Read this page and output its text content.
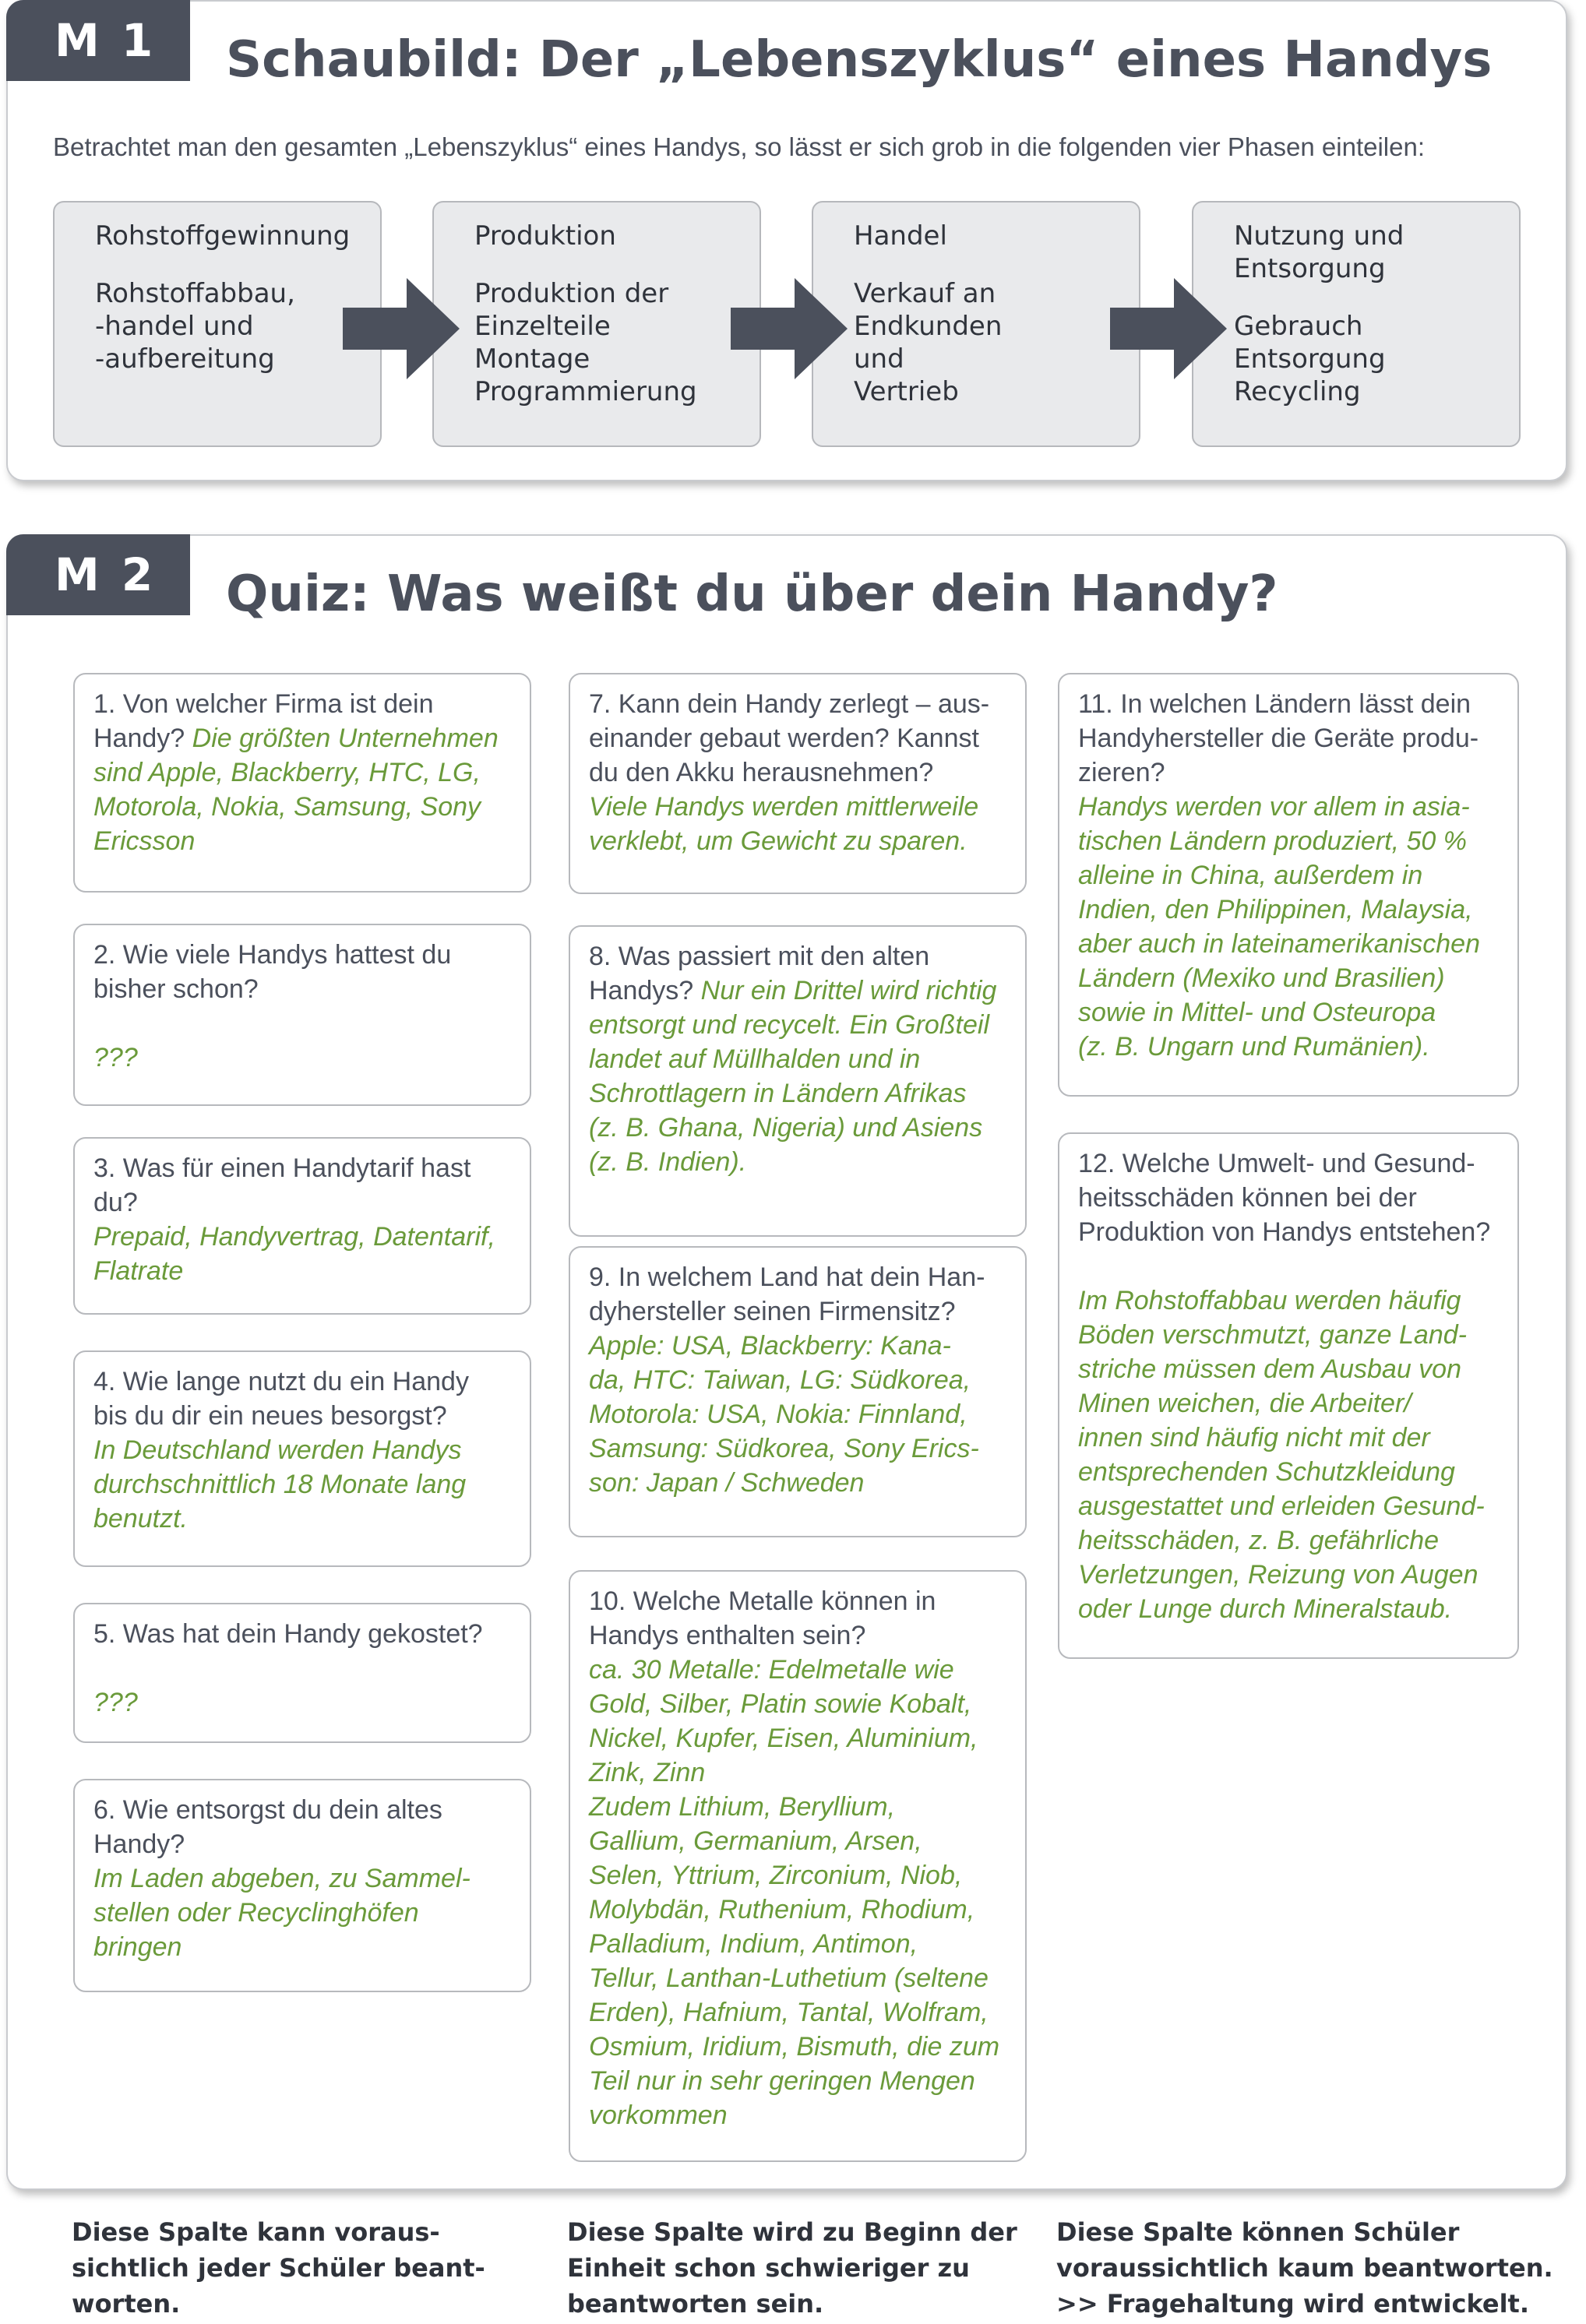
M 1	Schaubild: Der „Lebenszyklus“ eines Handys
Betrachtet man den gesamten „Lebenszyklus“ eines Handys, so lässt er sich grob in die folgenden vier Phasen einteilen:
Rohstoffgewinnung
Rohstoffabbau,
-handel und
-aufbereitung
Produktion
Produktion der
Einzelteile
Montage
Programmierung
Handel
Verkauf an
Endkunden
und
Vertrieb
Nutzung und
Entsorgung
Gebrauch
Entsorgung
Recycling
M 2	Quiz: Was weißt du über dein Handy?
1. Von welcher Firma ist dein
Handy? Die größten Unternehmen
sind Apple, Blackberry, HTC, LG,
Motorola, Nokia, Samsung, Sony
Ericsson
2. Wie viele Handys hattest du
bisher schon?

???
3. Was für einen Handytarif hast
du?
Prepaid, Handyvertrag, Datentarif,
Flatrate
4. Wie lange nutzt du ein Handy
bis du dir ein neues besorgst?
In Deutschland werden Handys
durchschnittlich 18 Monate lang
benutzt.
5. Was hat dein Handy gekostet?

???
6. Wie entsorgst du dein altes
Handy?
Im Laden abgeben, zu Sammel-
stellen oder Recyclinghöfen
bringen
7. Kann dein Handy zerlegt – aus-
einander gebaut werden? Kannst
du den Akku herausnehmen?
Viele Handys werden mittlerweile
verklebt, um Gewicht zu sparen.
8. Was passiert mit den alten
Handys? Nur ein Drittel wird richtig
entsorgt und recycelt. Ein Großteil
landet auf Müllhalden und in
Schrottlagern in Ländern Afrikas
(z. B. Ghana, Nigeria) und Asiens
(z. B. Indien).
9. In welchem Land hat dein Han-
dyhersteller seinen Firmensitz?
Apple: USA, Blackberry: Kana-
da, HTC: Taiwan, LG: Südkorea,
Motorola: USA, Nokia: Finnland,
Samsung: Südkorea, Sony Erics-
son: Japan / Schweden
10. Welche Metalle können in
Handys enthalten sein?
ca. 30 Metalle: Edelmetalle wie
Gold, Silber, Platin sowie Kobalt,
Nickel, Kupfer, Eisen, Aluminium,
Zink, Zinn
Zudem Lithium, Beryllium,
Gallium, Germanium, Arsen,
Selen, Yttrium, Zirconium, Niob,
Molybdän, Ruthenium, Rhodium,
Palladium, Indium, Antimon,
Tellur, Lanthan-Luthetium (seltene
Erden), Hafnium, Tantal, Wolfram,
Osmium, Iridium, Bismuth, die zum
Teil nur in sehr geringen Mengen
vorkommen
11. In welchen Ländern lässt dein
Handyhersteller die Geräte produ-
zieren?
Handys werden vor allem in asia-
tischen Ländern produziert, 50 %
alleine in China, außerdem in
Indien, den Philippinen, Malaysia,
aber auch in lateinamerikanischen
Ländern (Mexiko und Brasilien)
sowie in Mittel- und Osteuropa
(z. B. Ungarn und Rumänien).
12. Welche Umwelt- und Gesund-
heitsschäden können bei der
Produktion von Handys entstehen?

Im Rohstoffabbau werden häufig
Böden verschmutzt, ganze Land-
striche müssen dem Ausbau von
Minen weichen, die Arbeiter/
innen sind häufig nicht mit der
entsprechenden Schutzkleidung
ausgestattet und erleiden Gesund-
heitsschäden, z. B. gefährliche
Verletzungen, Reizung von Augen
oder Lunge durch Mineralstaub.
Diese Spalte kann voraus-
sichtlich jeder Schüler beant-
worten.
Diese Spalte wird zu Beginn der
Einheit schon schwieriger zu
beantworten sein.
Diese Spalte können Schüler
voraussichtlich kaum beantworten.
>> Fragehaltung wird entwickelt.
